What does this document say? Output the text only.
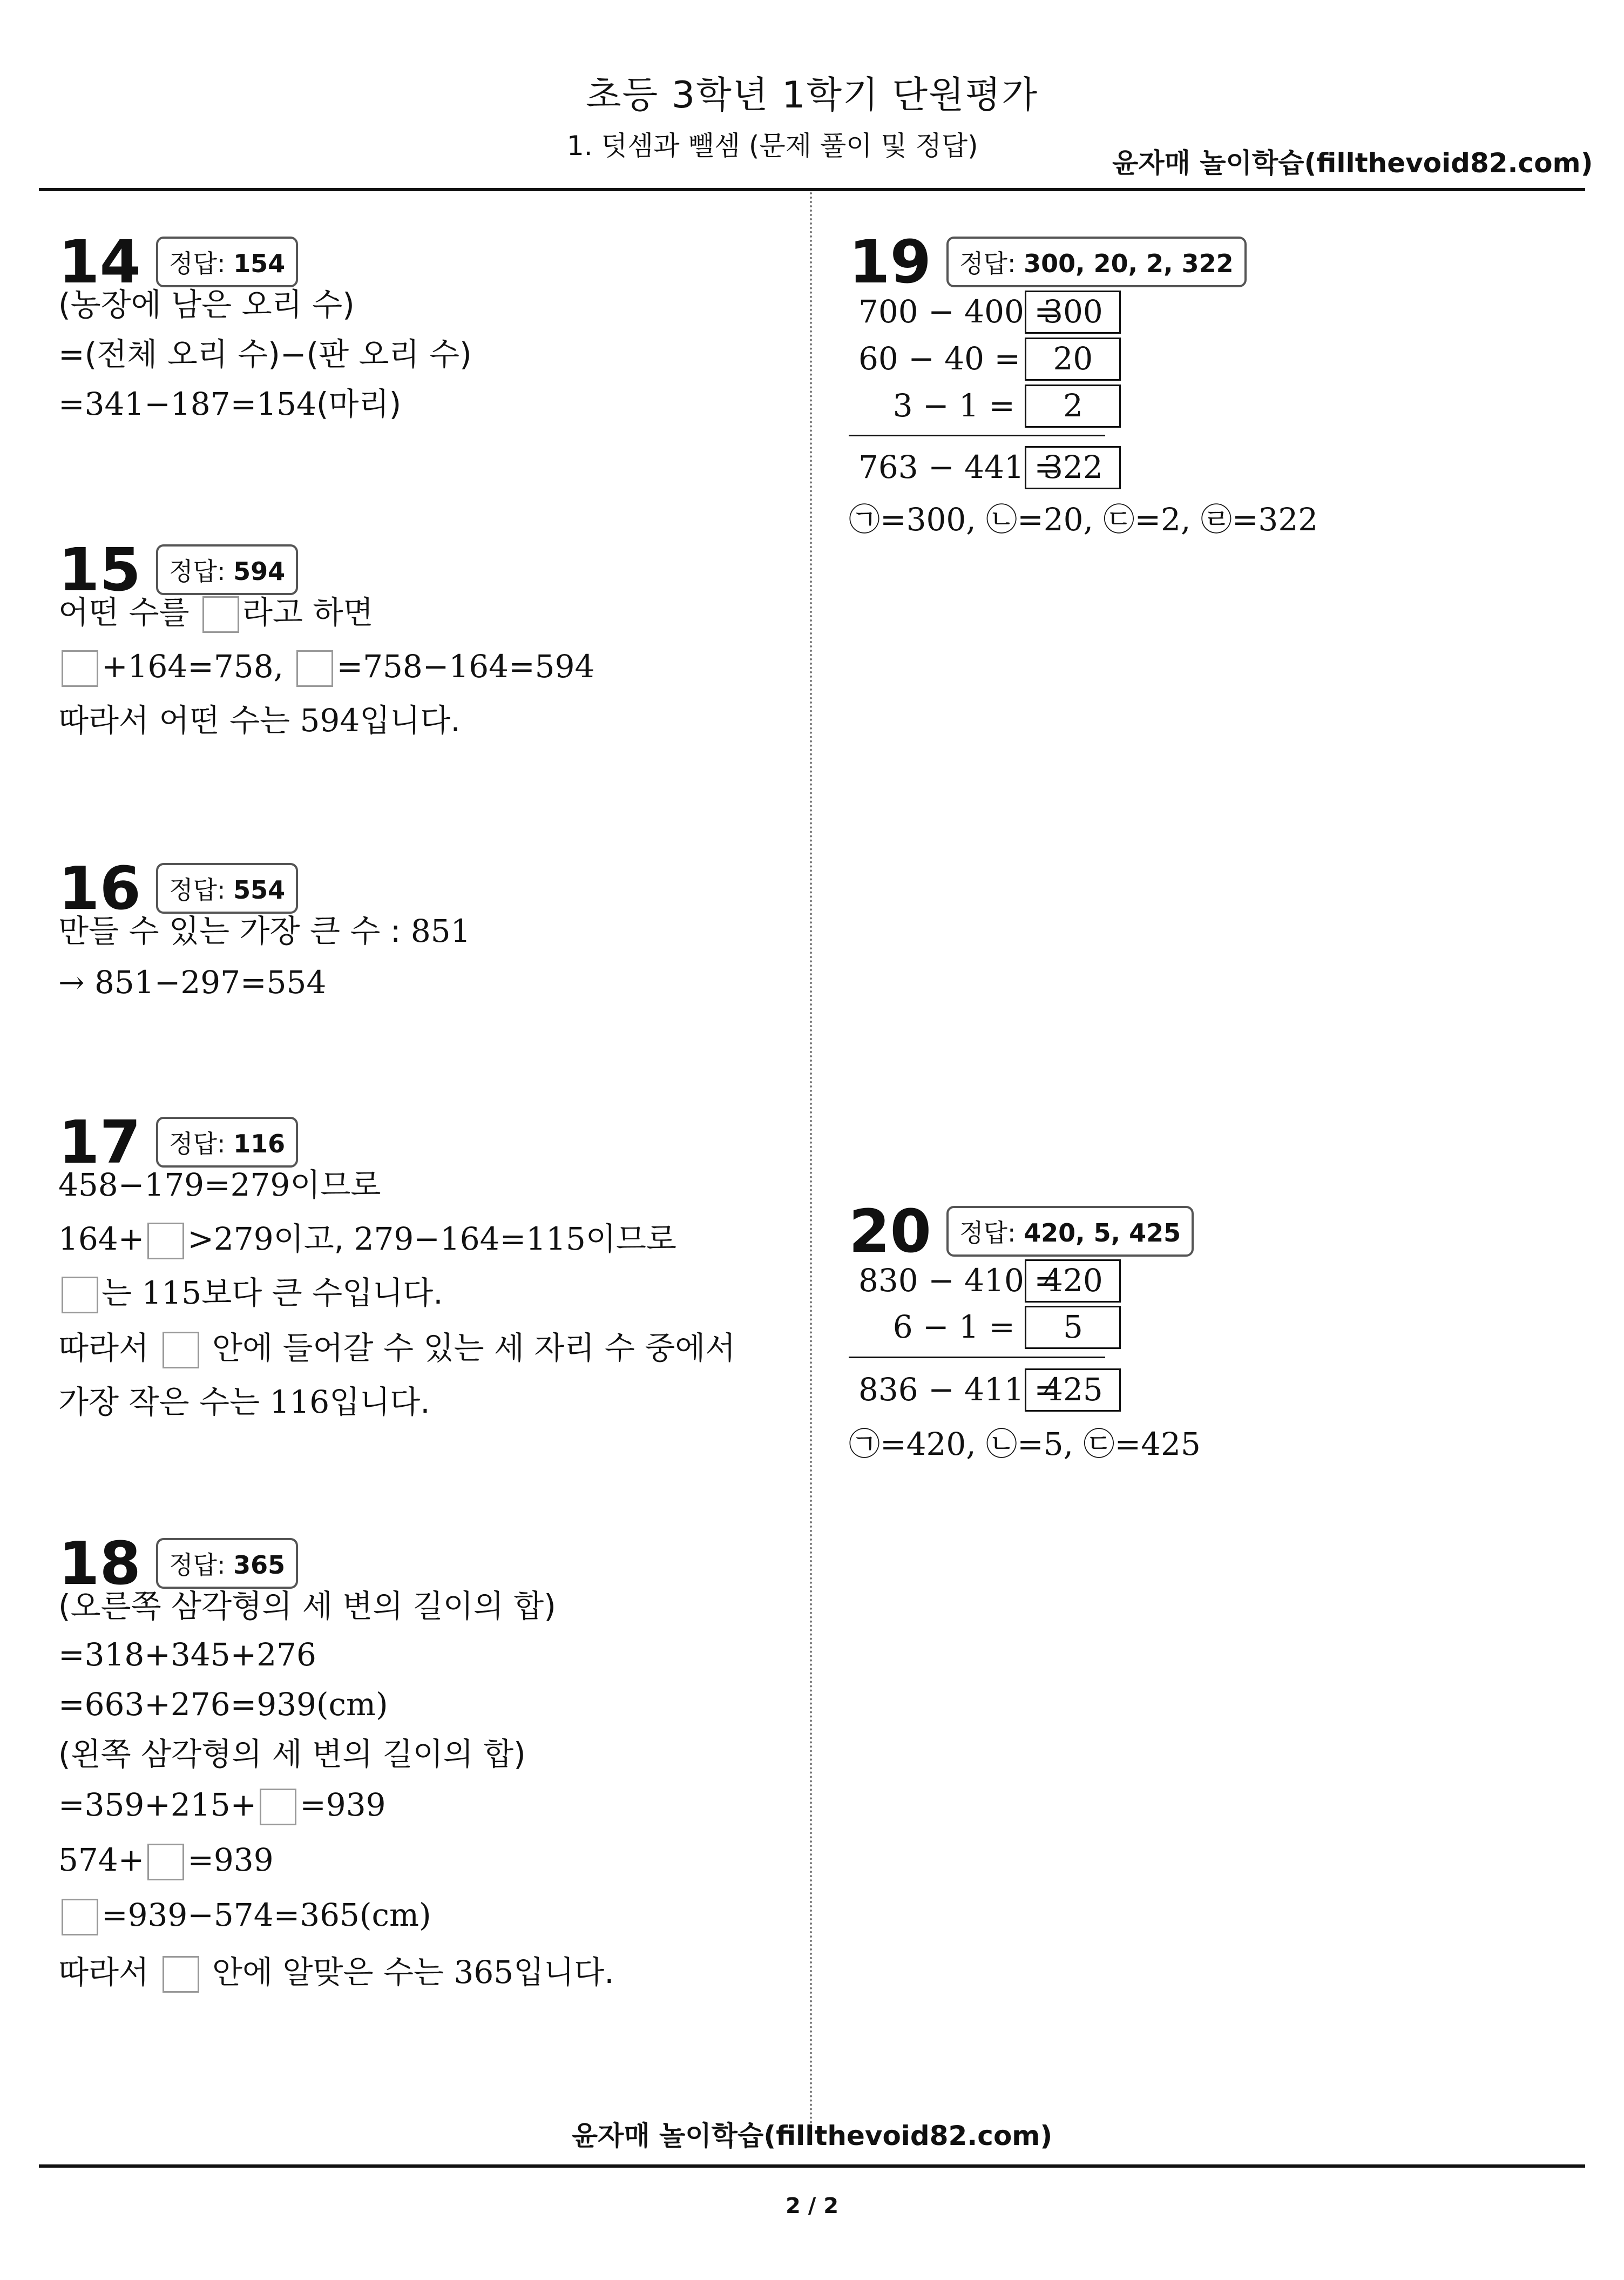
초등 3학년 1학기 단원평가
1. 덧셈과 뺄셈 (문제 풀이 및 정답)
윤자매 놀이학습(fillthevoid82.com)
14 정답: 154
(농장에 남은 오리 수)
=(전체 오리 수)−(판 오리 수)
=341−187=154(마리)
15 정답: 594
어떤 수를 라고 하면
+164=758, =758−164=594
따라서 어떤 수는 594입니다.
16 정답: 554
만들 수 있는 가장 큰 수 : 851
→ 851−297=554
17 정답: 116
458−179=279이므로
164+ >279이고, 279−164=115이므로
는 115보다 큰 수입니다.
따라서  안에 들어갈 수 있는 세 자리 수 중에서
가장 작은 수는 116입니다.
18 정답: 365
(오른쪽 삼각형의 세 변의 길이의 합)
=318+345+276
=663+276=939(cm)
(왼쪽 삼각형의 세 변의 길이의 합)
=359+215+ =939
574+ =939
=939−574=365(cm)
따라서  안에 알맞은 수는 365입니다.
19 정답: 300, 20, 2, 322
700 − 400 = 300
60 − 40 = 20
3 − 1 = 2
763 − 441 = 322
㉠=300, ㉡=20, ㉢=2, ㉣=322
20 정답: 420, 5, 425
830 − 410 = 420
6 − 1 = 5
836 − 411 = 425
㉠=420, ㉡=5, ㉢=425
윤자매 놀이학습(fillthevoid82.com)
2 / 2
